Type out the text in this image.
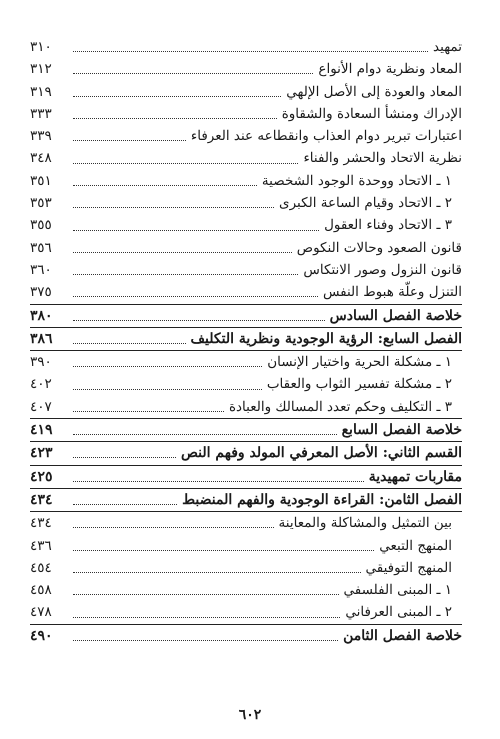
تمهيد
٣١٠
المعاد ونظرية دوام الأنواع
٣١٢
المعاد والعودة إلى الأصل الإلهي
٣١٩
الإدراك ومنشأ السعادة والشقاوة
٣٣٣
اعتبارات تبرير دوام العذاب وانقطاعه عند العرفاء
٣٣٩
نظرية الاتحاد والحشر والفناء
٣٤٨
١ ـ الاتحاد ووحدة الوجود الشخصية
٣٥١
٢ ـ الاتحاد وقيام الساعة الكبرى
٣٥٣
٣ ـ الاتحاد وفناء العقول
٣٥٥
قانون الصعود وحالات النكوص
٣٥٦
قانون النزول وصور الانتكاس
٣٦٠
التنزل وعلّة هبوط النفس
٣٧٥
خلاصة الفصل السادس
٣٨٠
الفصل السابع: الرؤية الوجودية ونظرية التكليف
٣٨٦
١ ـ مشكلة الحرية واختيار الإنسان
٣٩٠
٢ ـ مشكلة تفسير الثواب والعقاب
٤٠٢
٣ ـ التكليف وحكم تعدد المسالك والعبادة
٤٠٧
خلاصة الفصل السابع
٤١٩
القسم الثاني: الأصل المعرفي المولد وفهم النص
٤٢٣
مقاربات تمهيدية
٤٢٥
الفصل الثامن: القراءة الوجودية والفهم المنضبط
٤٣٤
بين التمثيل والمشاكلة والمعاينة
٤٣٤
المنهج التبعي
٤٣٦
المنهج التوفيقي
٤٥٤
١ ـ المبنى الفلسفي
٤٥٨
٢ ـ المبنى العرفاني
٤٧٨
خلاصة الفصل الثامن
٤٩٠
٦٠٢
